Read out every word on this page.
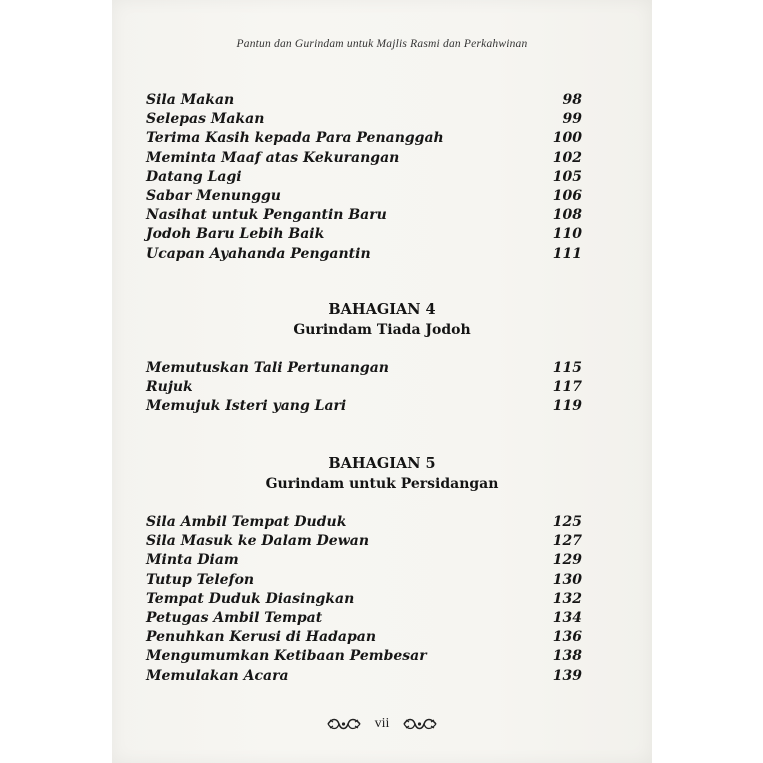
Pantun dan Gurindam untuk Majlis Rasmi dan Perkahwinan
Sila Makan	98
Selepas Makan	99
Terima Kasih kepada Para Penanggah	100
Meminta Maaf atas Kekurangan	102
Datang Lagi	105
Sabar Menunggu	106
Nasihat untuk Pengantin Baru	108
Jodoh Baru Lebih Baik	110
Ucapan Ayahanda Pengantin	111
BAHAGIAN 4
Gurindam Tiada Jodoh
Memutuskan Tali Pertunangan	115
Rujuk	117
Memujuk Isteri yang Lari	119
BAHAGIAN 5
Gurindam untuk Persidangan
Sila Ambil Tempat Duduk	125
Sila Masuk ke Dalam Dewan	127
Minta Diam	129
Tutup Telefon	130
Tempat Duduk Diasingkan	132
Petugas Ambil Tempat	134
Penuhkan Kerusi di Hadapan	136
Mengumumkan Ketibaan Pembesar	138
Memulakan Acara	139
vii
